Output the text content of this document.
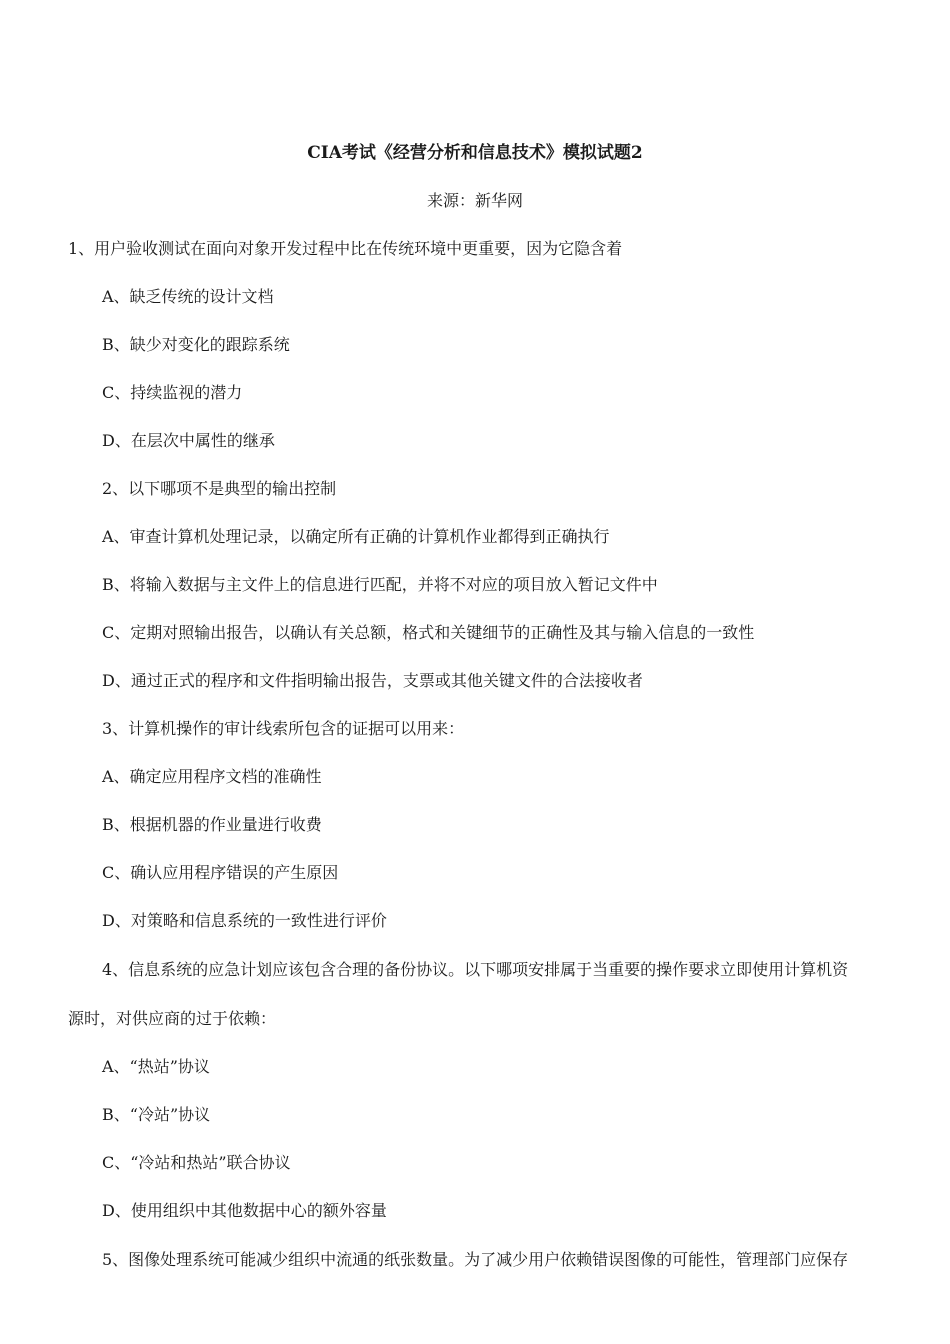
CIA考试《经营分析和信息技术》模拟试题2
来源：新华网
1、用户验收测试在面向对象开发过程中比在传统环境中更重要，因为它隐含着
A、缺乏传统的设计文档
B、缺少对变化的跟踪系统
C、持续监视的潜力
D、在层次中属性的继承
2、以下哪项不是典型的输出控制
A、审查计算机处理记录，以确定所有正确的计算机作业都得到正确执行
B、将输入数据与主文件上的信息进行匹配，并将不对应的项目放入暂记文件中
C、定期对照输出报告，以确认有关总额，格式和关键细节的正确性及其与输入信息的一致性
D、通过正式的程序和文件指明输出报告，支票或其他关键文件的合法接收者
3、计算机操作的审计线索所包含的证据可以用来：
A、确定应用程序文档的准确性
B、根据机器的作业量进行收费
C、确认应用程序错误的产生原因
D、对策略和信息系统的一致性进行评价
4、信息系统的应急计划应该包含合理的备份协议。以下哪项安排属于当重要的操作要求立即使用计算机资
源时，对供应商的过于依赖：
A、“热站”协议
B、“冷站”协议
C、“冷站和热站”联合协议
D、使用组织中其他数据中心的额外容量
5、图像处理系统可能减少组织中流通的纸张数量。为了减少用户依赖错误图像的可能性，管理部门应保存
